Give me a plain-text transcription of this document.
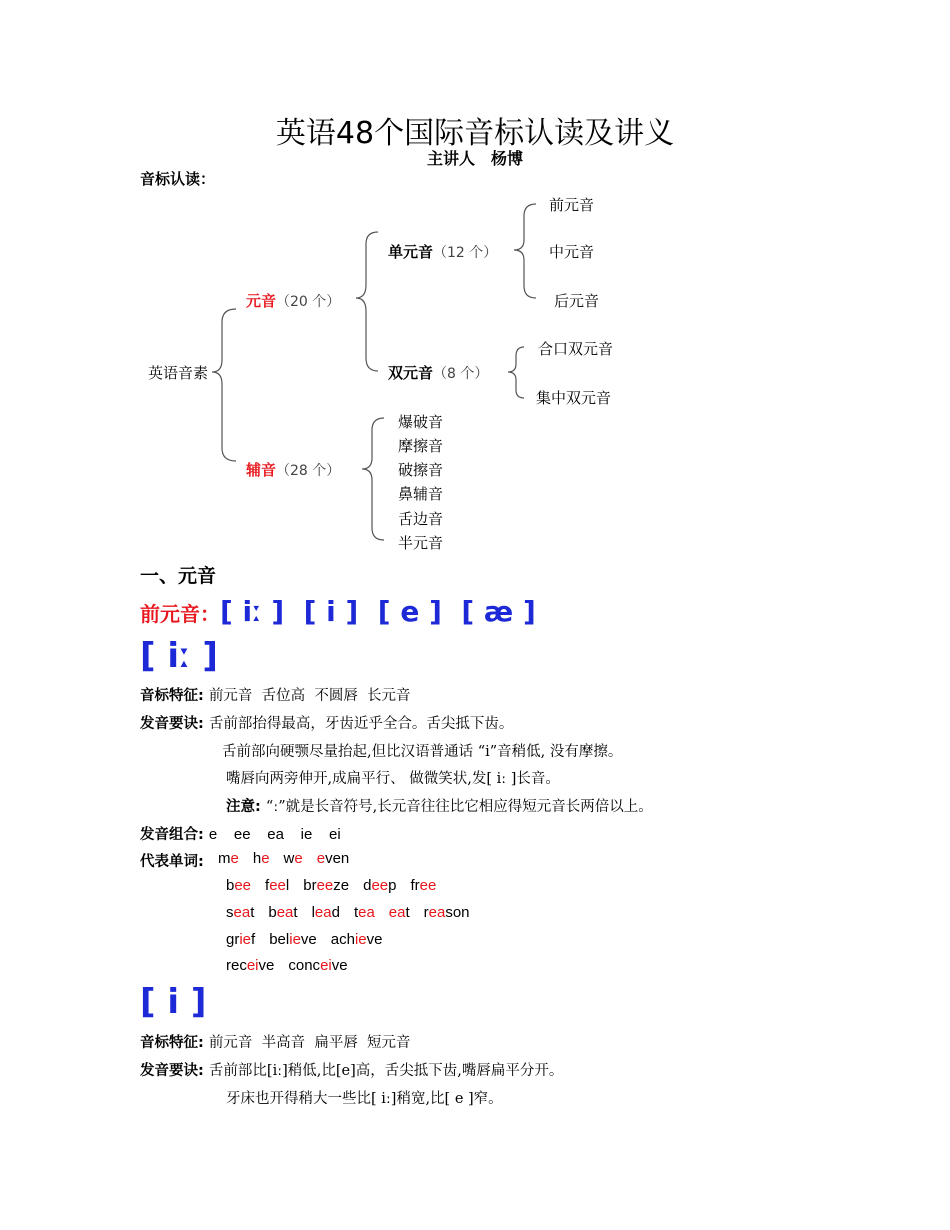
英语48个国际音标认读及讲义
主讲人　杨博
音标认读：
英语音素
元音（20 个）
辅音（28 个）
单元音（12 个）
双元音（8 个）
前元音
中元音
后元音
合口双元音
集中双元音
爆破音
摩擦音
破擦音
鼻辅音
舌边音
半元音
一、元音
前元音：[ iː ]  [ i ]  [ e ]  [ æ ]
[ iː ]
音标特征: 前元音  舌位高  不圆唇  长元音
发音要诀: 舌前部抬得最高，牙齿近乎全合。舌尖抵下齿。
舌前部向硬颚尽量抬起,但比汉语普通话 “i”音稍低, 没有摩擦。
嘴唇向两旁伸开,成扁平行、 做微笑状,发[ iː ]长音。
注意: “ː”就是长音符号,长元音往往比它相应得短元音长两倍以上。
发音组合: e    ee    ea    ie    ei
代表单词: me he we even
bee feel breeze deep free
seat beat lead tea eat reason
grief believe achieve
receive conceive
[ i ]
音标特征: 前元音  半高音  扁平唇  短元音
发音要诀: 舌前部比[iː]稍低,比[e]高，舌尖抵下齿,嘴唇扁平分开。
牙床也开得稍大一些比[ iː]稍宽,比[ e ]窄。
